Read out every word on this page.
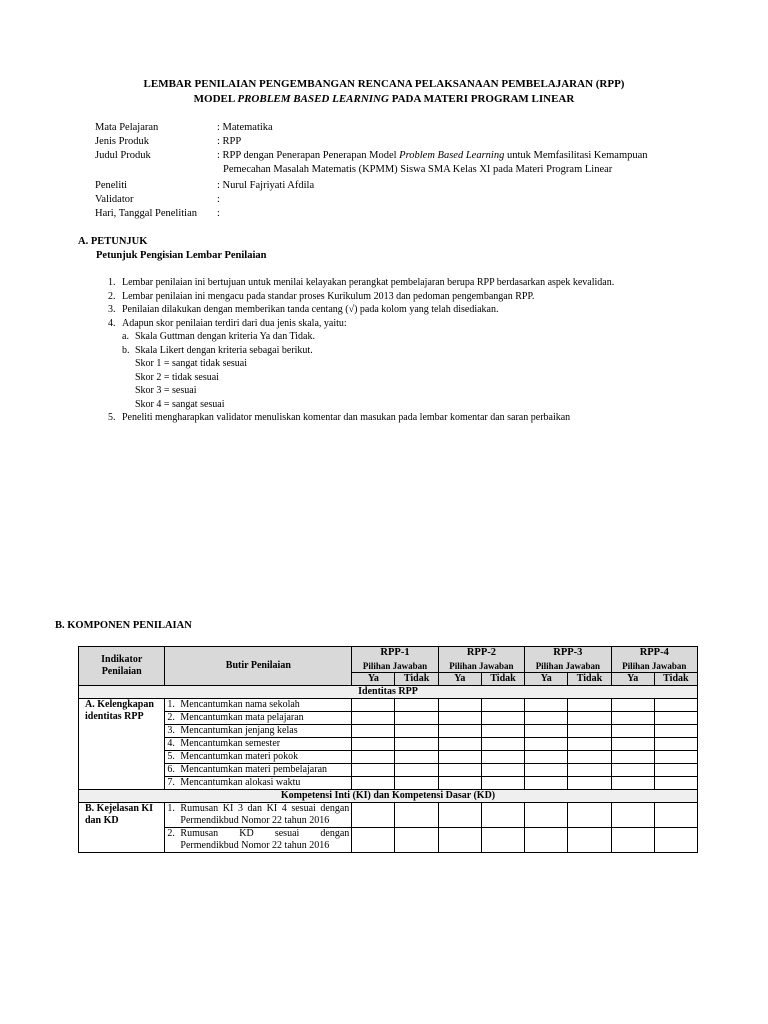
LEMBAR PENILAIAN PENGEMBANGAN RENCANA PELAKSANAAN PEMBELAJARAN (RPP)
MODEL PROBLEM BASED LEARNING PADA MATERI PROGRAM LINEAR
Mata Pelajaran	: Matematika
Jenis Produk	: RPP
Judul Produk	: RPP dengan Penerapan Penerapan Model Problem Based Learning untuk Memfasilitasi Kemampuan
Pemecahan Masalah Matematis (KPMM) Siswa SMA Kelas XI pada Materi Program Linear
Peneliti	: Nurul Fajriyati Afdila
Validator	:
Hari, Tanggal Penelitian	:
A. PETUNJUK
Petunjuk Pengisian Lembar Penilaian
1. Lembar penilaian ini bertujuan untuk menilai kelayakan perangkat pembelajaran berupa RPP berdasarkan aspek kevalidan.
2. Lembar penilaian ini mengacu pada standar proses Kurikulum 2013 dan pedoman pengembangan RPP.
3. Penilaian dilakukan dengan memberikan tanda centang (√) pada kolom yang telah disediakan.
4. Adapun skor penilaian terdiri dari dua jenis skala, yaitu:
a. Skala Guttman dengan kriteria Ya dan Tidak.
b. Skala Likert dengan kriteria sebagai berikut.
Skor 1 = sangat tidak sesuai
Skor 2 = tidak sesuai
Skor 3 = sesuai
Skor 4 = sangat sesuai
5. Peneliti mengharapkan validator menuliskan komentar dan masukan pada lembar komentar dan saran perbaikan
B. KOMPONEN PENILAIAN
Indikator Penilaian	Butir Penilaian	RPP-1		RPP-2		RPP-3		RPP-4	
		Pilihan Jawaban		Pilihan Jawaban		Pilihan Jawaban		Pilihan Jawaban	
		Ya	Tidak	Ya	Tidak	Ya	Tidak	Ya	Tidak
Identitas RPP									
A. Kelengkapan identitas RPP	1. Mencantumkan nama sekolah								
	2. Mencantumkan mata pelajaran								
	3. Mencantumkan jenjang kelas								
	4. Mencantumkan semester								
	5. Mencantumkan materi pokok								
	6. Mencantumkan materi pembelajaran								
	7. Mencantumkan alokasi waktu								
Kompetensi Inti (KI) dan Kompetensi Dasar (KD)									
B. Kejelasan KI dan KD	1. Rumusan KI 3 dan KI 4 sesuai dengan Permendikbud Nomor 22 tahun 2016								

	2. Rumusan KD sesuai dengan Permendikbud Nomor 22 tahun 2016								
